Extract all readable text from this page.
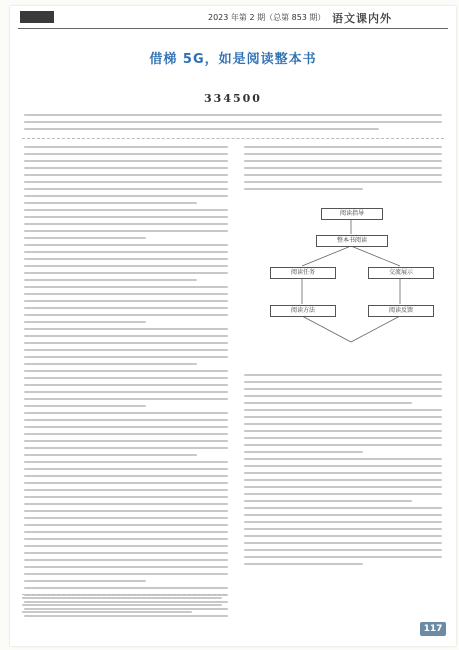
2023 年第 2 期（总第 853 期） 语文课内外
借梯 5G，如是阅读整本书
334500
阅读指导
整本书阅读
阅读任务	交流展示
阅读方法	阅读反馈
117
